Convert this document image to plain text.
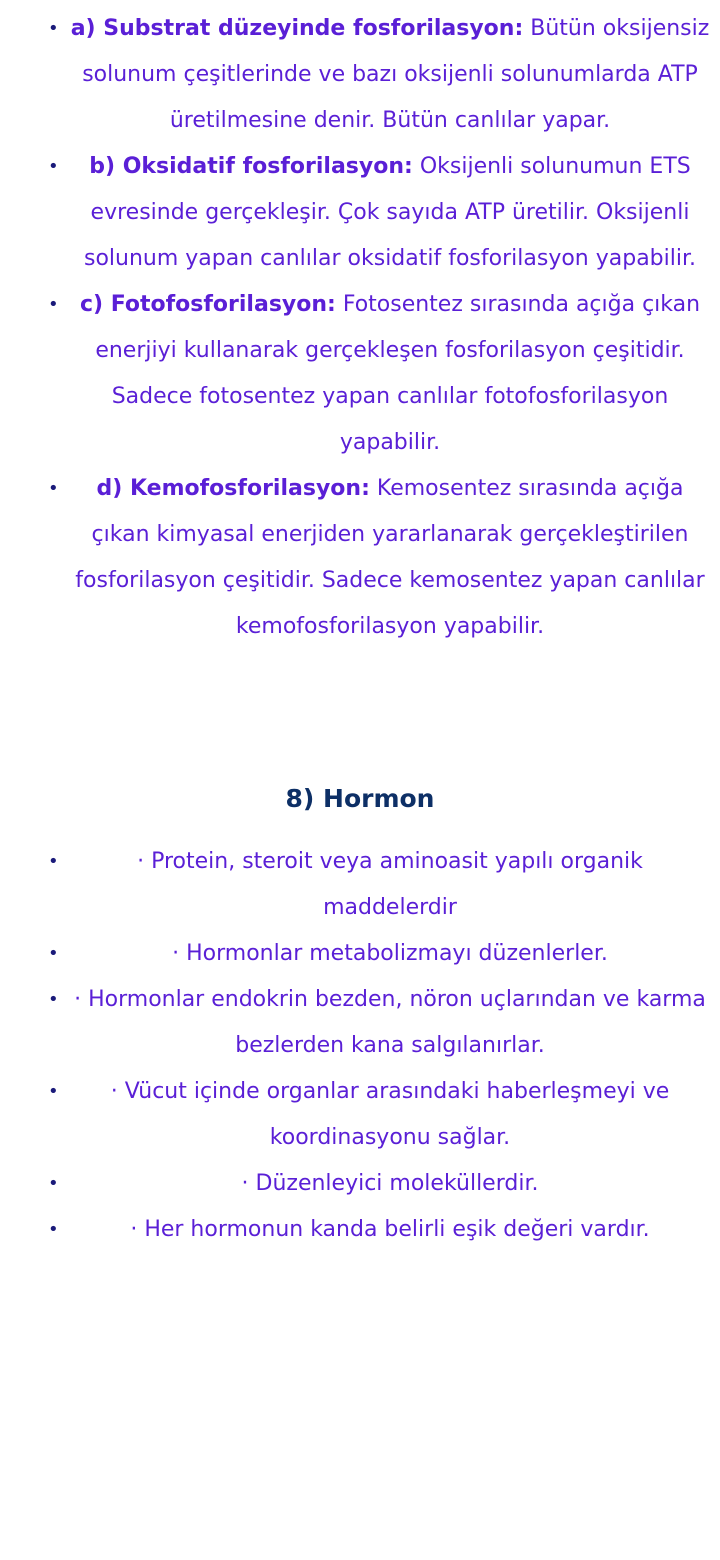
• a) Substrat düzeyinde fosforilasyon: Bütün oksijensiz solunum çeşitlerinde ve bazı oksijenli solunumlarda ATP üretilmesine denir. Bütün canlılar yapar.
• b) Oksidatif fosforilasyon: Oksijenli solunumun ETS evresinde gerçekleşir. Çok sayıda ATP üretilir. Oksijenli solunum yapan canlılar oksidatif fosforilasyon yapabilir.
• c) Fotofosforilasyon: Fotosentez sırasında açığa çıkan enerjiyi kullanarak gerçekleşen fosforilasyon çeşitidir. Sadece fotosentez yapan canlılar fotofosforilasyon yapabilir.
• d) Kemofosforilasyon: Kemosentez sırasında açığa çıkan kimyasal enerjiden yararlanarak gerçekleştirilen fosforilasyon çeşitidir. Sadece kemosentez yapan canlılar kemofosforilasyon yapabilir.
8) Hormon
•	· Protein, steroit veya aminoasit yapılı organik maddelerdir
•	· Hormonlar metabolizmayı düzenlerler.
• · Hormonlar endokrin bezden, nöron uçlarından ve karma bezlerden kana salgılanırlar.
• · Vücut içinde organlar arasındaki haberleşmeyi ve koordinasyonu sağlar.
•	· Düzenleyici moleküllerdir.
•	· Her hormonun kanda belirli eşik değeri vardır.
